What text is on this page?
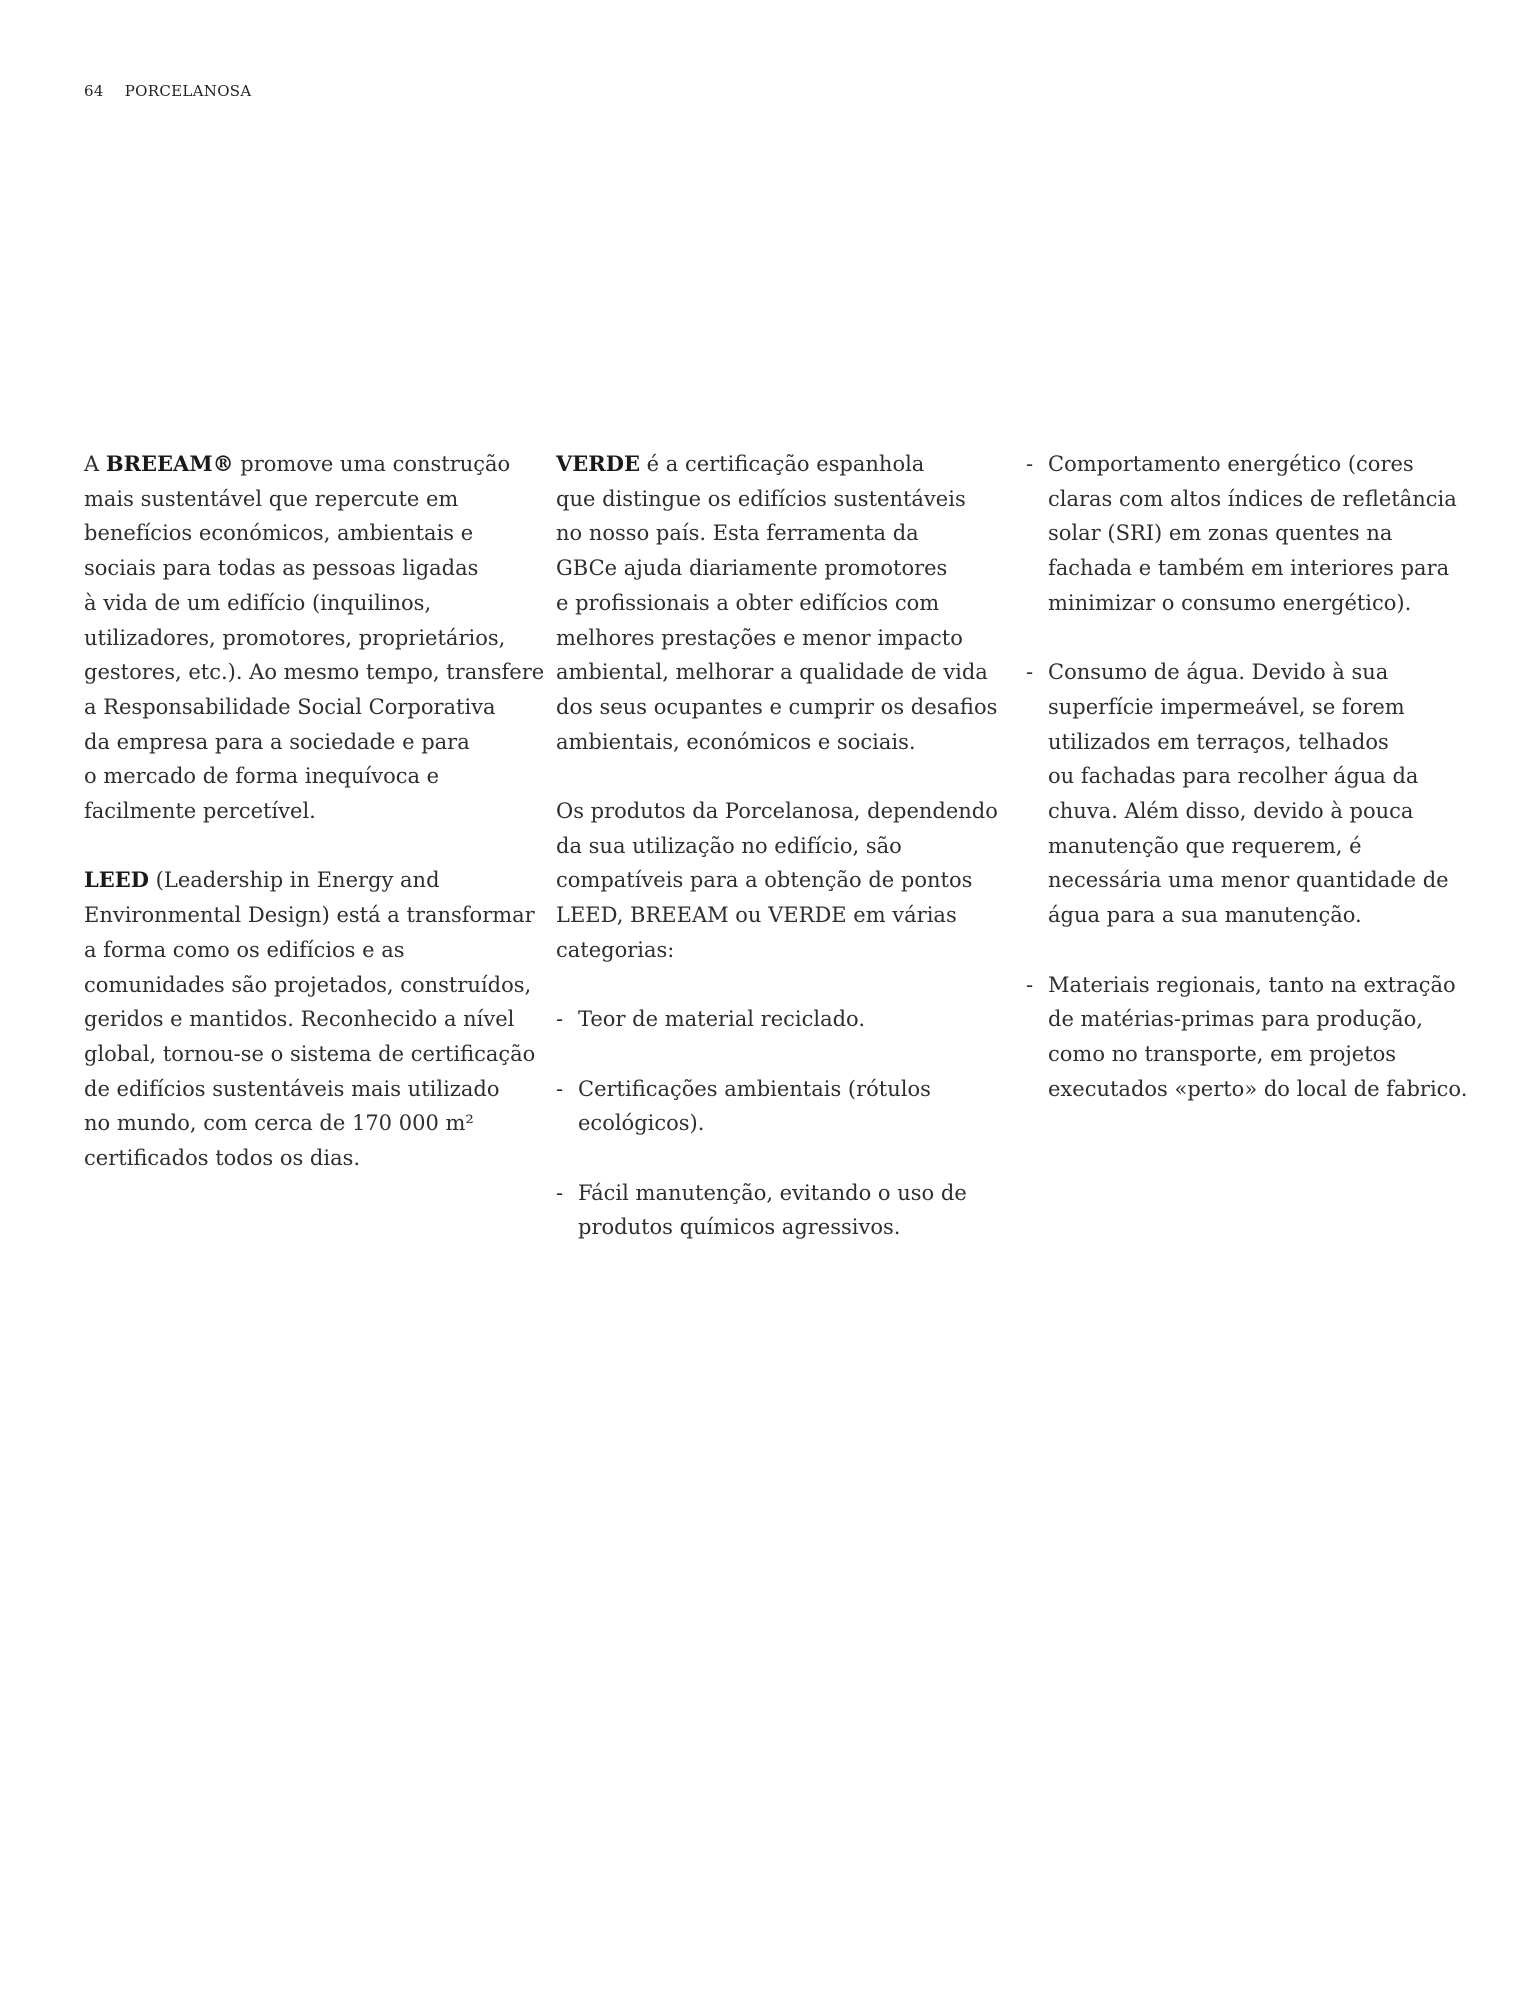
64 PORCELANOSA
A BREEAM® promove uma construção
mais sustentável que repercute em
benefícios económicos, ambientais e
sociais para todas as pessoas ligadas
à vida de um edifício (inquilinos,
utilizadores, promotores, proprietários,
gestores, etc.). Ao mesmo tempo, transfere
a Responsabilidade Social Corporativa
da empresa para a sociedade e para
o mercado de forma inequívoca e
facilmente percetível.
LEED (Leadership in Energy and
Environmental Design) está a transformar
a forma como os edifícios e as
comunidades são projetados, construídos,
geridos e mantidos. Reconhecido a nível
global, tornou-se o sistema de certificação
de edifícios sustentáveis mais utilizado
no mundo, com cerca de 170 000 m²
certificados todos os dias.
VERDE é a certificação espanhola
que distingue os edifícios sustentáveis
no nosso país. Esta ferramenta da
GBCe ajuda diariamente promotores
e profissionais a obter edifícios com
melhores prestações e menor impacto
ambiental, melhorar a qualidade de vida
dos seus ocupantes e cumprir os desafios
ambientais, económicos e sociais.
Os produtos da Porcelanosa, dependendo
da sua utilização no edifício, são
compatíveis para a obtenção de pontos
LEED, BREEAM ou VERDE em várias
categorias:
- Teor de material reciclado.
- Certificações ambientais (rótulos
ecológicos).
- Fácil manutenção, evitando o uso de
produtos químicos agressivos.
- Comportamento energético (cores
claras com altos índices de refletância
solar (SRI) em zonas quentes na
fachada e também em interiores para
minimizar o consumo energético).
- Consumo de água. Devido à sua
superfície impermeável, se forem
utilizados em terraços, telhados
ou fachadas para recolher água da
chuva. Além disso, devido à pouca
manutenção que requerem, é
necessária uma menor quantidade de
água para a sua manutenção.
- Materiais regionais, tanto na extração
de matérias-primas para produção,
como no transporte, em projetos
executados «perto» do local de fabrico.
